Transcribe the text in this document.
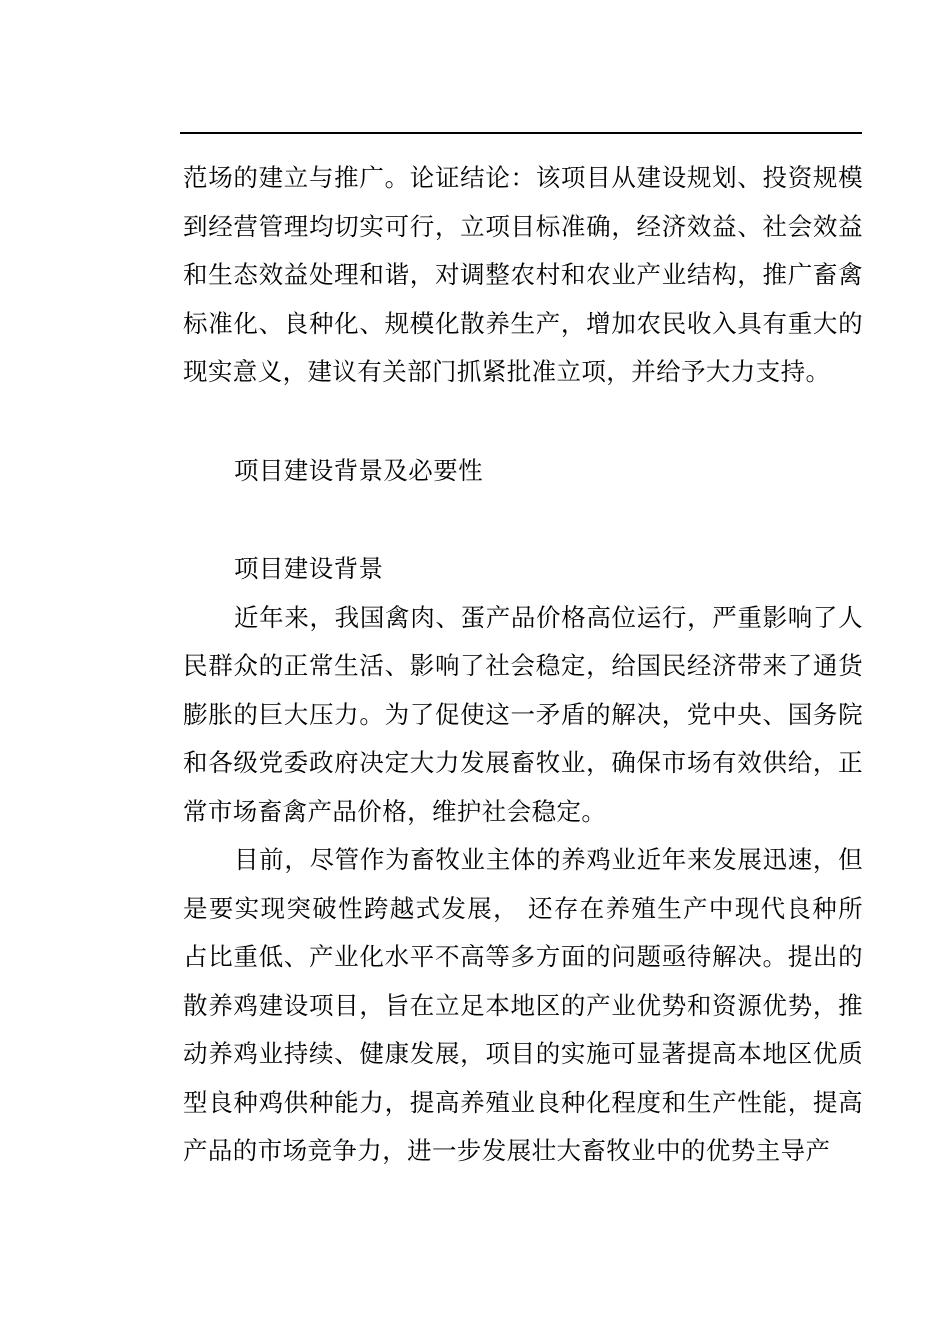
范场的建立与推广。论证结论：该项目从建设规划、投资规模到经营管理均切实可行，立项目标准确，经济效益、社会效益和生态效益处理和谐，对调整农村和农业产业结构，推广畜禽标准化、良种化、规模化散养生产，增加农民收入具有重大的现实意义，建议有关部门抓紧批准立项，并给予大力支持。

项目建设背景及必要性

项目建设背景

近年来，我国禽肉、蛋产品价格高位运行，严重影响了人民群众的正常生活、影响了社会稳定，给国民经济带来了通货膨胀的巨大压力。为了促使这一矛盾的解决，党中央、国务院和各级党委政府决定大力发展畜牧业，确保市场有效供给，正常市场畜禽产品价格，维护社会稳定。

目前，尽管作为畜牧业主体的养鸡业近年来发展迅速，但是要实现突破性跨越式发展， 还存在养殖生产中现代良种所占比重低、产业化水平不高等多方面的问题亟待解决。提出的散养鸡建设项目，旨在立足本地区的产业优势和资源优势，推动养鸡业持续、健康发展，项目的实施可显著提高本地区优质型良种鸡供种能力，提高养殖业良种化程度和生产性能，提高产品的市场竞争力，进一步发展壮大畜牧业中的优势主导产
